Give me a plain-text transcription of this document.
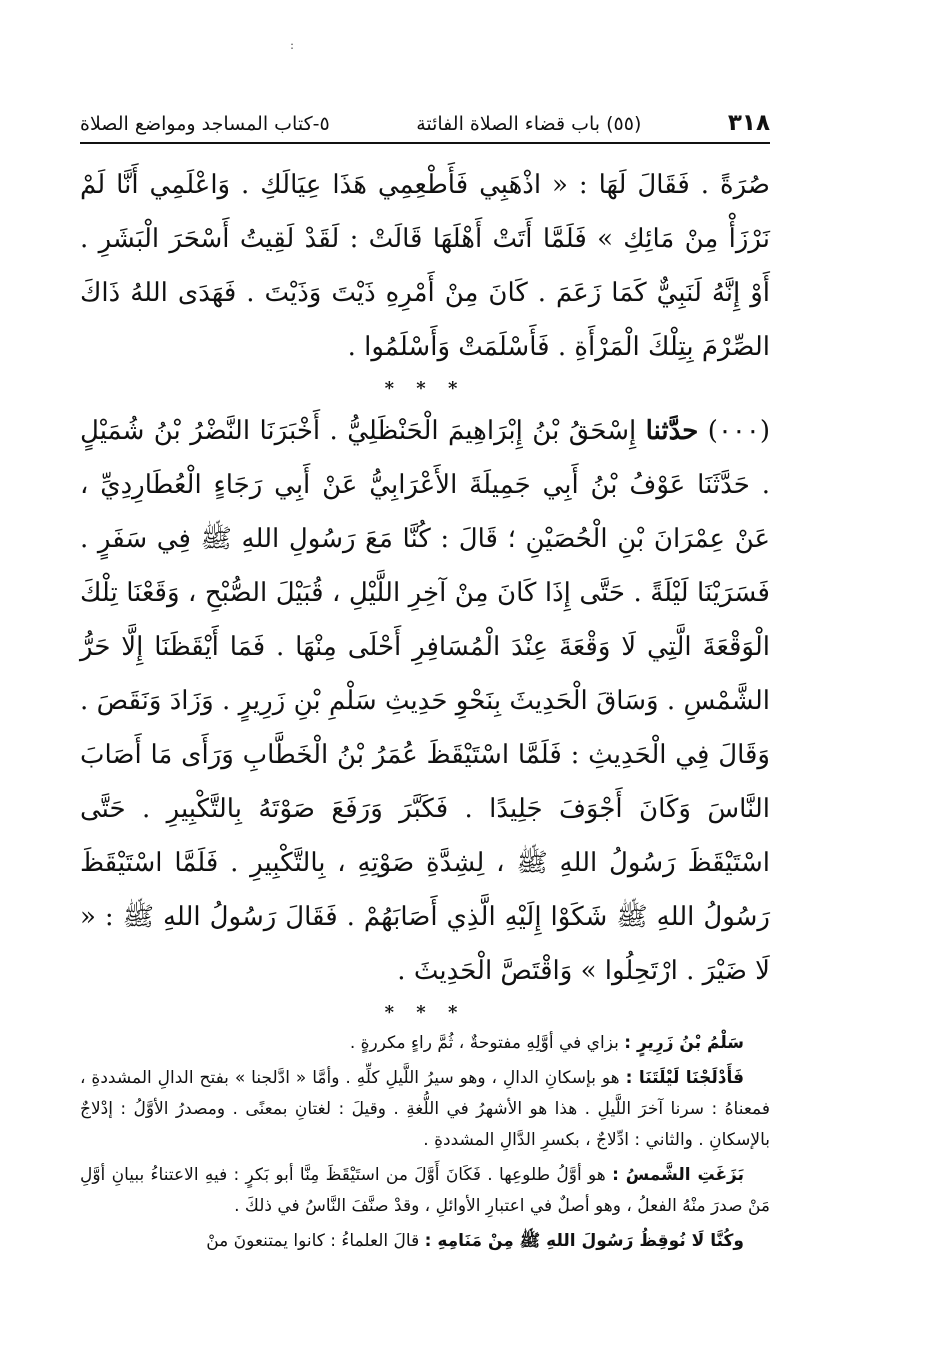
:
٣١٨
(٥٥) باب قضاء الصلاة الفائتة
٥-كتاب المساجد ومواضع الصلاة

صُرَةً . فَقَالَ لَهَا : « اذْهَبِي فَأَطْعِمِي هَذَا عِيَالَكِ . وَاعْلَمِي أَنَّا لَمْ نَرْزَأْ مِنْ مَائِكِ » فَلَمَّا أَتَتْ أَهْلَهَا قَالَتْ : لَقَدْ لَقِيتُ أَسْحَرَ الْبَشَرِ . أَوْ إِنَّهُ لَنَبِيٌّ كَمَا زَعَمَ . كَانَ مِنْ أَمْرِهِ ذَيْتَ وَذَيْتَ . فَهَدَى اللهُ ذَاكَ الصِّرْمَ بِتِلْكَ الْمَرْأَةِ . فَأَسْلَمَتْ وَأَسْلَمُوا .

* * *

(٠٠٠) حدَّثنا إِسْحَقُ بْنُ إِبْرَاهِيمَ الْحَنْظَلِيُّ . أَخْبَرَنَا النَّضْرُ بْنُ شُمَيْلٍ . حَدَّثَنَا عَوْفُ بْنُ أَبِي جَمِيلَةَ الأَعْرَابِيُّ عَنْ أَبِي رَجَاءٍ الْعُطَارِدِيِّ ، عَنْ عِمْرَانَ بْنِ الْحُصَيْنِ ؛ قَالَ : كُنَّا مَعَ رَسُولِ اللهِ ﷺ فِي سَفَرٍ . فَسَرَيْنَا لَيْلَةً . حَتَّى إِذَا كَانَ مِنْ آخِرِ اللَّيْلِ ، قُبَيْلَ الصُّبْحِ ، وَقَعْنَا تِلْكَ الْوَقْعَةَ الَّتِي لَا وَقْعَةَ عِنْدَ الْمُسَافِرِ أَحْلَى مِنْهَا . فَمَا أَيْقَظَنَا إِلَّا حَرُّ الشَّمْسِ . وَسَاقَ الْحَدِيثَ بِنَحْوِ حَدِيثِ سَلْمِ بْنِ زَرِيرٍ . وَزَادَ وَنَقَصَ . وَقَالَ فِي الْحَدِيثِ : فَلَمَّا اسْتَيْقَظَ عُمَرُ بْنُ الْخَطَّابِ وَرَأَى مَا أَصَابَ النَّاسَ وَكَانَ أَجْوَفَ جَلِيدًا . فَكَبَّرَ وَرَفَعَ صَوْتَهُ بِالتَّكْبِيرِ . حَتَّى اسْتَيْقَظَ رَسُولُ اللهِ ﷺ ، لِشِدَّةِ صَوْتِهِ ، بِالتَّكْبِيرِ . فَلَمَّا اسْتَيْقَظَ رَسُولُ اللهِ ﷺ شَكَوْا إِلَيْهِ الَّذِي أَصَابَهُمْ . فَقَالَ رَسُولُ اللهِ ﷺ : « لَا ضَيْرَ . ارْتَحِلُوا » وَاقْتَصَّ الْحَدِيثَ .

* * *

سَلْمُ بْنُ زَرِيرٍ : بزاي في أوَّلِهِ مفتوحةٌ ، ثُمَّ راءٍ مكررةٍ .

فَأَدْلَجْنَا لَيْلَتَنَا : هو بإسكانِ الدالِ ، وهو سيرُ اللَّيلِ كلِّهِ . وأمَّا « ادَّلجنا » بفتح الدالِ المشددةِ ، فمعناهُ : سرنا آخرَ اللَّيلِ . هذا هو الأشهرُ في اللُّغةِ . وقيلَ : لغتانِ بمعنًى . ومصدرُ الأوَّلُ : إدْلاجٌ بالإسكانِ . والثاني : ادِّلاجٌ ، بكسرِ الدَّالِ المشددةِ .

بَزَغَتِ الشَّمسُ : هو أوَّلُ طلوعِها . فَكَانَ أَوَّلَ من استَيْقَظَ مِنَّا أبو بَكرٍ : فيهِ الاعتناءُ ببيانِ أوَّلِ مَنْ صدرَ منْهُ الفعلُ ، وهو أصلٌ في اعتبارِ الأوائلِ ، وقدْ صنَّفَ النَّاسُ في ذلكَ .

وكُنَّا لَا نُوقِظُ رَسُولَ اللهِ ﷺ مِنْ مَنَامِهِ : قالَ العلماءُ : كانوا يمتنعونَ منْ
